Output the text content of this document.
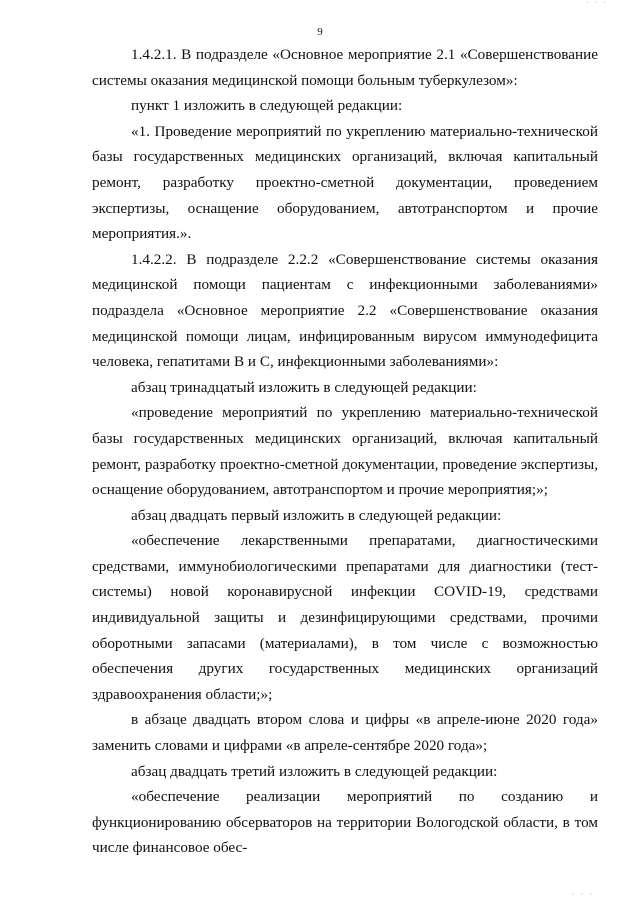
· · ·
9

1.4.2.1. В подразделе «Основное мероприятие 2.1 «Совершенствование системы оказания медицинской помощи больным туберкулезом»:

пункт 1 изложить в следующей редакции:

«1. Проведение мероприятий по укреплению материально-технической базы государственных медицинских организаций, включая капитальный ремонт, разработку проектно-сметной документации, проведением экспертизы, оснащение оборудованием, автотранспортом и прочие мероприятия.».

1.4.2.2. В подразделе 2.2.2 «Совершенствование системы оказания медицинской помощи пациентам с инфекционными заболеваниями» подраздела «Основное мероприятие 2.2 «Совершенствование оказания медицинской помощи лицам, инфицированным вирусом иммунодефицита человека, гепатитами В и С, инфекционными заболеваниями»:

абзац тринадцатый изложить в следующей редакции:

«проведение мероприятий по укреплению материально-технической базы государственных медицинских организаций, включая капитальный ремонт, разработку проектно-сметной документации, проведение экспертизы, оснащение оборудованием, автотранспортом и прочие мероприятия;»;

абзац двадцать первый изложить в следующей редакции:

«обеспечение лекарственными препаратами, диагностическими средствами, иммунобиологическими препаратами для диагностики (тест-системы) новой коронавирусной инфекции COVID-19, средствами индивидуальной защиты и дезинфицирующими средствами, прочими оборотными запасами (материалами), в том числе с возможностью обеспечения других государственных медицинских организаций здравоохранения области;»;

в абзаце двадцать втором слова и цифры «в апреле-июне 2020 года» заменить словами и цифрами «в апреле-сентябре 2020 года»;

абзац двадцать третий изложить в следующей редакции:

«обеспечение реализации мероприятий по созданию и функционированию обсерваторов на территории Вологодской области, в том числе финансовое обес-

· · ·
